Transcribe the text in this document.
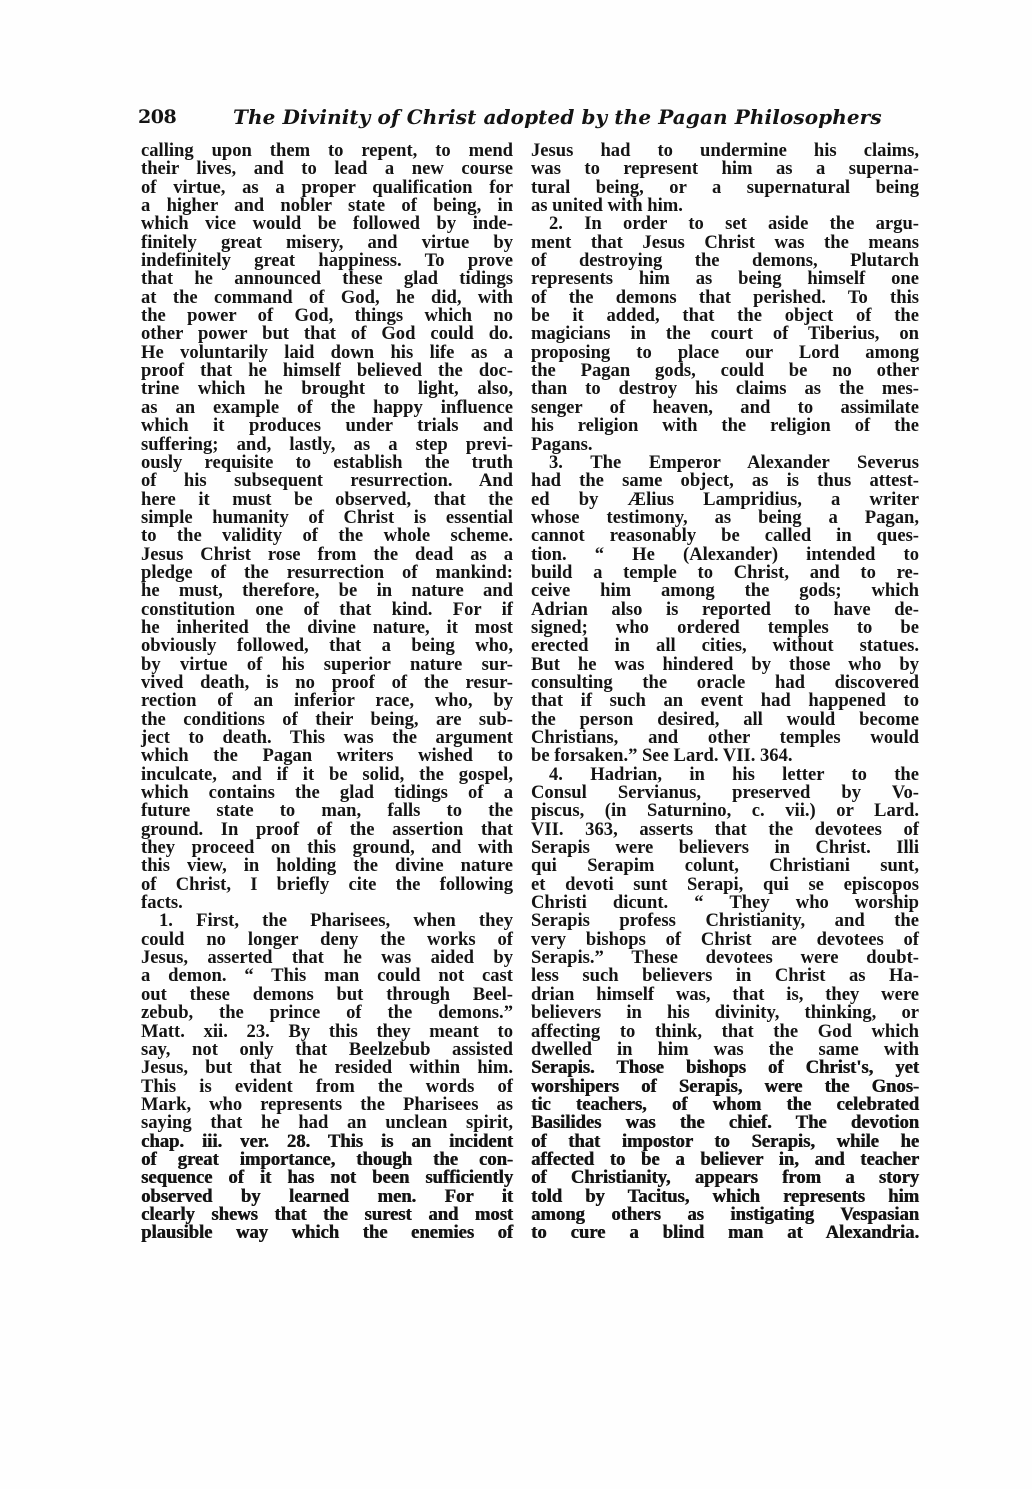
208	The Divinity of Christ adopted by the Pagan Philosophers
calling upon them to repent, to mend
their lives, and to lead a new course
of virtue, as a proper qualification for
a higher and nobler state of being, in
which vice would be followed by inde-
finitely great misery, and virtue by
indefinitely great happiness. To prove
that he announced these glad tidings
at the command of God, he did, with
the power of God, things which no
other power but that of God could do.
He voluntarily laid down his life as a
proof that he himself believed the doc-
trine which he brought to light, also,
as an example of the happy influence
which it produces under trials and
suffering; and, lastly, as a step previ-
ously requisite to establish the truth
of his subsequent resurrection. And
here it must be observed, that the
simple humanity of Christ is essential
to the validity of the whole scheme.
Jesus Christ rose from the dead as a
pledge of the resurrection of mankind:
he must, therefore, be in nature and
constitution one of that kind. For if
he inherited the divine nature, it most
obviously followed, that a being who,
by virtue of his superior nature sur-
vived death, is no proof of the resur-
rection of an inferior race, who, by
the conditions of their being, are sub-
ject to death. This was the argument
which the Pagan writers wished to
inculcate, and if it be solid, the gospel,
which contains the glad tidings of a
future state to man, falls to the
ground. In proof of the assertion that
they proceed on this ground, and with
this view, in holding the divine nature
of Christ, I briefly cite the following
facts.
1. First, the Pharisees, when they
could no longer deny the works of
Jesus, asserted that he was aided by
a demon. “ This man could not cast
out these demons but through Beel-
zebub, the prince of the demons.”
Matt. xii. 23. By this they meant to
say, not only that Beelzebub assisted
Jesus, but that he resided within him.
This is evident from the words of
Mark, who represents the Pharisees as
saying that he had an unclean spirit,
chap. iii. ver. 28. This is an incident
of great importance, though the con-
sequence of it has not been sufficiently
observed by learned men. For it
clearly shews that the surest and most
plausible way which the enemies of
Jesus had to undermine his claims,
was to represent him as a superna-
tural being, or a supernatural being
as united with him.
2. In order to set aside the argu-
ment that Jesus Christ was the means
of destroying the demons, Plutarch
represents him as being himself one
of the demons that perished. To this
be it added, that the object of the
magicians in the court of Tiberius, on
proposing to place our Lord among
the Pagan gods, could be no other
than to destroy his claims as the mes-
senger of heaven, and to assimilate
his religion with the religion of the
Pagans.
3. The Emperor Alexander Severus
had the same object, as is thus attest-
ed by Ælius Lampridius, a writer
whose testimony, as being a Pagan,
cannot reasonably be called in ques-
tion. “ He (Alexander) intended to
build a temple to Christ, and to re-
ceive him among the gods; which
Adrian also is reported to have de-
signed; who ordered temples to be
erected in all cities, without statues.
But he was hindered by those who by
consulting the oracle had discovered
that if such an event had happened to
the person desired, all would become
Christians, and other temples would
be forsaken.” See Lard. VII. 364.
4. Hadrian, in his letter to the
Consul Servianus, preserved by Vo-
piscus, (in Saturnino, c. vii.) or Lard.
VII. 363, asserts that the devotees of
Serapis were believers in Christ. Illi
qui Serapim colunt, Christiani sunt,
et devoti sunt Serapi, qui se episcopos
Christi dicunt. “ They who worship
Serapis profess Christianity, and the
very bishops of Christ are devotees of
Serapis.” These devotees were doubt-
less such believers in Christ as Ha-
drian himself was, that is, they were
believers in his divinity, thinking, or
affecting to think, that the God which
dwelled in him was the same with
Serapis. Those bishops of Christ's, yet
worshipers of Serapis, were the Gnos-
tic teachers, of whom the celebrated
Basilides was the chief. The devotion
of that impostor to Serapis, while he
affected to be a believer in, and teacher
of Christianity, appears from a story
told by Tacitus, which represents him
among others as instigating Vespasian
to cure a blind man at Alexandria.
